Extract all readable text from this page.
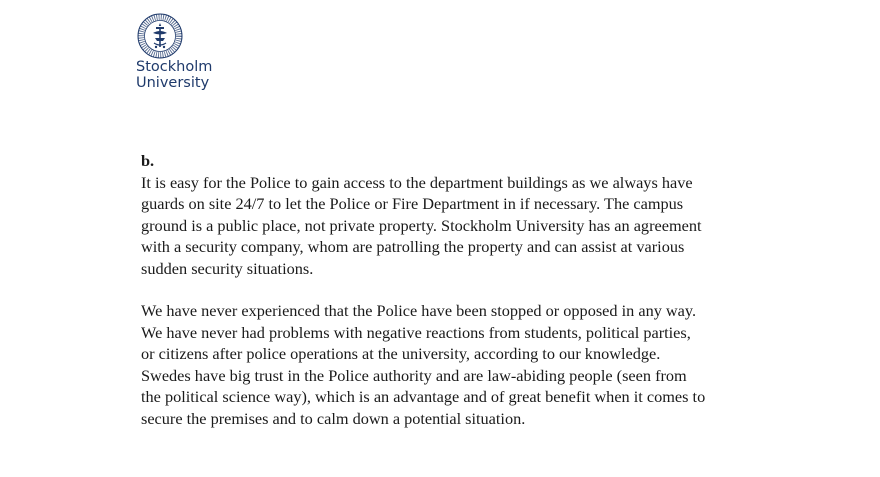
Stockholm
University

b.

It is easy for the Police to gain access to the department buildings as we always have
guards on site 24/7 to let the Police or Fire Department in if necessary. The campus
ground is a public place, not private property. Stockholm University has an agreement
with a security company, whom are patrolling the property and can assist at various
sudden security situations.

We have never experienced that the Police have been stopped or opposed in any way.
We have never had problems with negative reactions from students, political parties,
or citizens after police operations at the university, according to our knowledge.
Swedes have big trust in the Police authority and are law-abiding people (seen from
the political science way), which is an advantage and of great benefit when it comes to
secure the premises and to calm down a potential situation.
